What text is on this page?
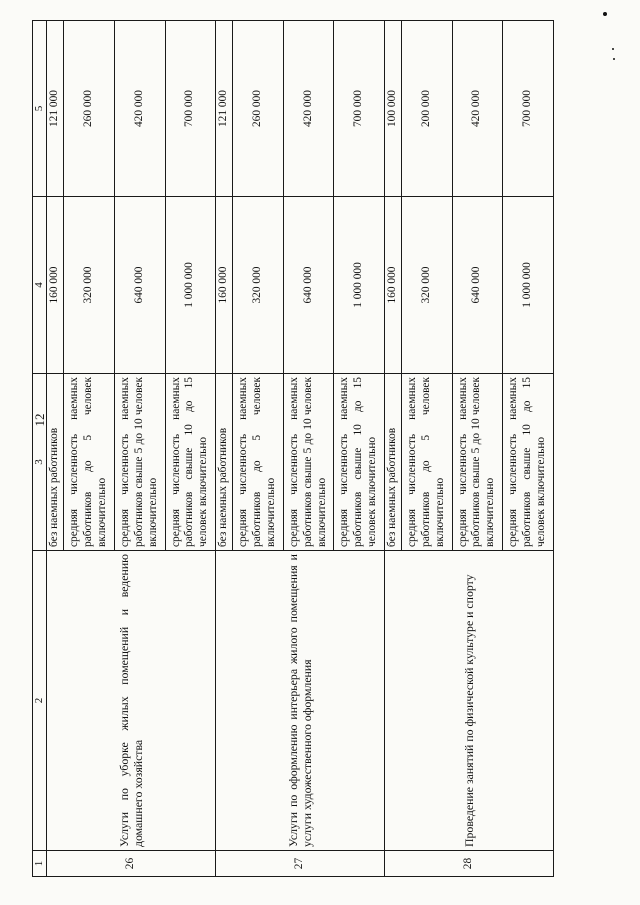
12
1	2	3	4	5
26	Услуги по уборке жилых помещений и ведению домашнего хозяйства	без наемных работников	160 000	121 000
		средняя численность наемных работников до 5 человек включительно	320 000	260 000
		средняя численность наемных работников свыше 5 до 10 человек включительно	640 000	420 000
		средняя численность наемных работников свыше 10 до 15 человек включительно	1 000 000	700 000
27	Услуги по оформлению интерьера жилого помещения и услуги художественного оформления	без наемных работников	160 000	121 000
		средняя численность наемных работников до 5 человек включительно	320 000	260 000
		средняя численность наемных работников свыше 5 до 10 человек включительно	640 000	420 000
		средняя численность наемных работников свыше 10 до 15 человек включительно	1 000 000	700 000
28	Проведение занятий по физической культуре и спорту	без наемных работников	160 000	100 000
		средняя численность наемных работников до 5 человек включительно	320 000	200 000
		средняя численность наемных работников свыше 5 до 10 человек включительно	640 000	420 000
		средняя численность наемных работников свыше 10 до 15 человек включительно	1 000 000	700 000
